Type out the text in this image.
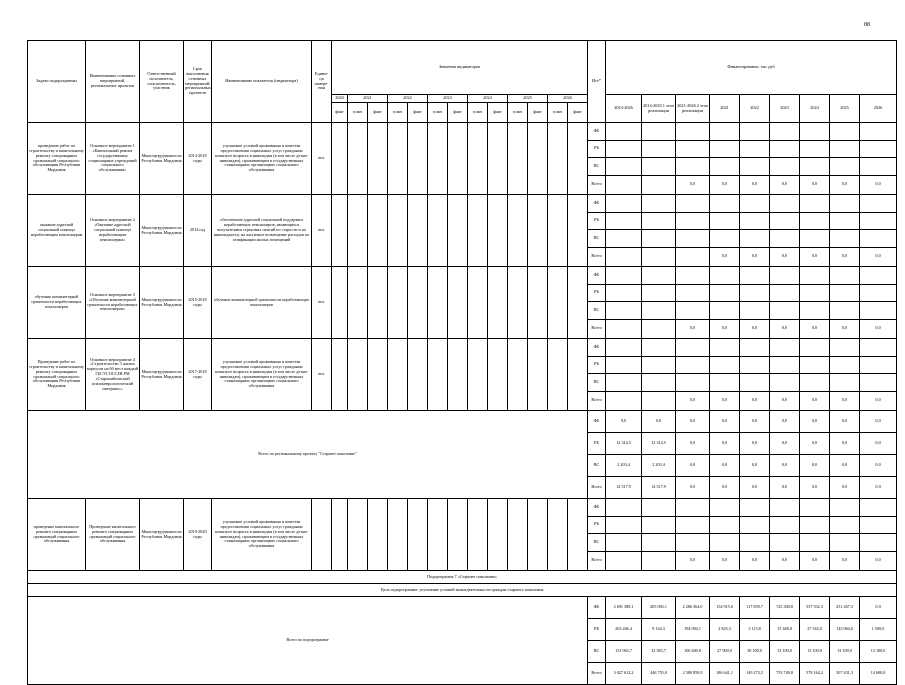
88
Задачи подпрограммы	Наименование основных мероприятий, региональных проектов	Ответственный исполнитель, соисполнитель, участник	Срок выполнения основных мероприятий, региональных проектов	Наименование показателя (индикатора)	Едини-ца измере-ния	Значения индикаторов													Ист*	Финансирование, тыс руб								
						2020	2021		2022		2023		2024		2025		2026			2014-2026	2014-2020 1 этап реализации	2021-2026 2 этап реализации	2021	2022	2023	2024	2025	2026
						факт	план	факт	план	факт	план	факт	план	факт	план	факт	план	факт										
проведение работ по строительству и капитальному ремонту стационарных организаций социального обслуживания Республики Мордовия	Основное мероприятие 1 «Капитальный ремонт государственных стационарных учреждений социального обслуживания»	Минсоцтрудзанятости Республики Мордовия	2014-2018 годы	улучшение условий проживания и качества предоставления социальных услуг гражданам пожилого возраста и инвалидам (в том числе детям-инвалидам), проживающим в государственных стационарных организациях социального обслуживания	чел.														ФБ									
																			РБ									
																			ВС									
																			Всего			0,0	0,0	0,0	0,0	0,0	0,0	0,0
оказание адресной социальной помощи неработающим пенсионерам	Основное мероприятие 2 «Оказание адресной социальной помощи неработающим пенсионерам»	Минсоцтрудзанятости Республики Мордовия	2014 год	обеспечение адресной социальной поддержки неработающих пенсионеров, являющихся получателями страховых пенсий по старости и по инвалидности, на частичное возмещение расходов по газификации жилых помещений	чел.														ФБ									
																			РБ									
																			ВС									
																			Всего				0,0	0,0	0,0	0,0	0,0	0,0
обучение компьютерной грамотности неработающих пенсионеров	Основное мероприятие 3 «Обучение компьютерной грамотности неработающих пенсионеров»	Минсоцтрудзанятости Республики Мордовия	2015-2018 годы	обучение компьютерной грамотности неработающих пенсионеров	чел.														ФБ									
																			РБ									
																			ВС									
																			Всего			0,0	0,0	0,0	0,0	0,0	0,0	0,0
Проведение работ по строительству и капитальному ремонту стационарных организаций социального обслуживания Республики Мордовия	Основное мероприятие 4 «Строительство 3 жилых корпусов на 60 мест каждый ГБСУСОССЗН РМ «Старошайговский психоневрологический интернат»»	Минсоцтрудзанятости Республики Мордовия	2017-2018 годы	улучшение условий проживания и качества предоставления социальных услуг гражданам пожилого возраста и инвалидам (в том числе детям-инвалидам), проживающим в государственных стационарных организациях социального обслуживания	чел.														ФБ									
																			РБ									
																			ВС									
																			Всего			0,0	0,0	0,0	0,0	0,0	0,0	0,0
Всего по региональному проекту "Старшее поколение"																			ФБ	0,0	0,0	0,0	0,0	0,0	0,0	0,0	0,0	0,0
																			РБ	12 314,5	12 314,5	0,0	0,0	0,0	0,0	0,0	0,0	0,0
																			ВС	2 203,4	2 203,4	0,0	0,0	0,0	0,0	0,0	0,0	0,0
																			Всего	14 517,9	14 517,9	0,0	0,0	0,0	0,0	0,0	0,0	0,0
проведение капитального ремонта стационарных организаций социального обслуживания	Проведение капитального ремонта стационарных организаций социального обслуживания	Минсоцтрудзанятости Республики Мордовия	2019-2020 годы	улучшение условий проживания и качества предоставления социальных услуг гражданам пожилого возраста и инвалидам (в том числе детям-инвалидам), проживающим в государственных стационарных организациях социального обслуживания															ФБ									
																			РБ									
																			ВС									
																			Всего			0,0	0,0	0,0	0,0	0,0	0,0	0,0
Подпрограмма 7 «Старшее поколение»																												
Цель подпрограммы: улучшение условий жизнедеятельности граждан старшего поколения																												
Всего по подпрограмме																			ФБ	2 691 388,1	405 003,1	2 286 364,0	154 915,6	117 059,7	725 300,8	537 932,3	251 267,3	0,0
																			РБ	203 266,4	9 144,3	194 094,1	2 825,3	3 113,8	15 448,8	27 542,0	143 064,0	1 500,0
																			ВС	131 963,7	32 583,7	100 400,0	27 900,0	30 100,0	13 100,0	13 100,0	13 100,0	13 100,0
																			Всего	3 027 612,2	446 755,0	2 580 858,9	186 641,1	149 273,5	753 749,8	578 164,2	507 431,3	14 600,0
